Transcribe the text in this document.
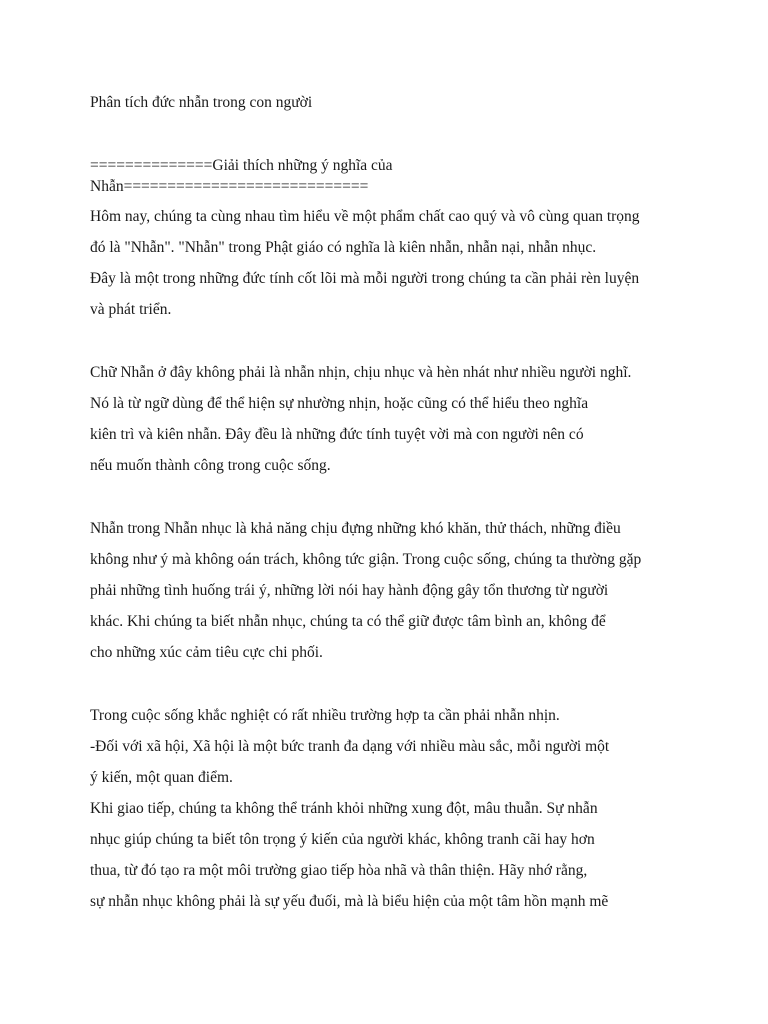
Phân tích đức nhẫn trong con người

==============Giải thích những ý nghĩa của

Nhẫn============================

Hôm nay, chúng ta cùng nhau tìm hiểu về một phẩm chất cao quý và vô cùng quan trọng

đó là "Nhẫn". "Nhẫn" trong Phật giáo có nghĩa là kiên nhẫn, nhẫn nại, nhẫn nhục.

Đây là một trong những đức tính cốt lõi mà mỗi người trong chúng ta cần phải rèn luyện

và phát triển.

Chữ Nhẫn ở đây không phải là nhẫn nhịn, chịu nhục và hèn nhát như nhiều người nghĩ.

Nó là từ ngữ dùng để thể hiện sự nhường nhịn, hoặc cũng có thể hiểu theo nghĩa

kiên trì và kiên nhẫn. Đây đều là những đức tính tuyệt vời mà con người nên có

nếu muốn thành công trong cuộc sống.

Nhẫn trong Nhẫn nhục là khả năng chịu đựng những khó khăn, thử thách, những điều

không như ý mà không oán trách, không tức giận. Trong cuộc sống, chúng ta thường gặp

phải những tình huống trái ý, những lời nói hay hành động gây tổn thương từ người

khác. Khi chúng ta biết nhẫn nhục, chúng ta có thể giữ được tâm bình an, không để

cho những xúc cảm tiêu cực chi phối.

Trong cuộc sống khắc nghiệt có rất nhiều trường hợp ta cần phải nhẫn nhịn.

-Đối với xã hội, Xã hội là một bức tranh đa dạng với nhiều màu sắc, mỗi người một

ý kiến, một quan điểm.

Khi giao tiếp, chúng ta không thể tránh khỏi những xung đột, mâu thuẫn. Sự nhẫn

nhục giúp chúng ta biết tôn trọng ý kiến của người khác, không tranh cãi hay hơn

thua, từ đó tạo ra một môi trường giao tiếp hòa nhã và thân thiện. Hãy nhớ rằng,

sự nhẫn nhục không phải là sự yếu đuối, mà là biểu hiện của một tâm hồn mạnh mẽ
